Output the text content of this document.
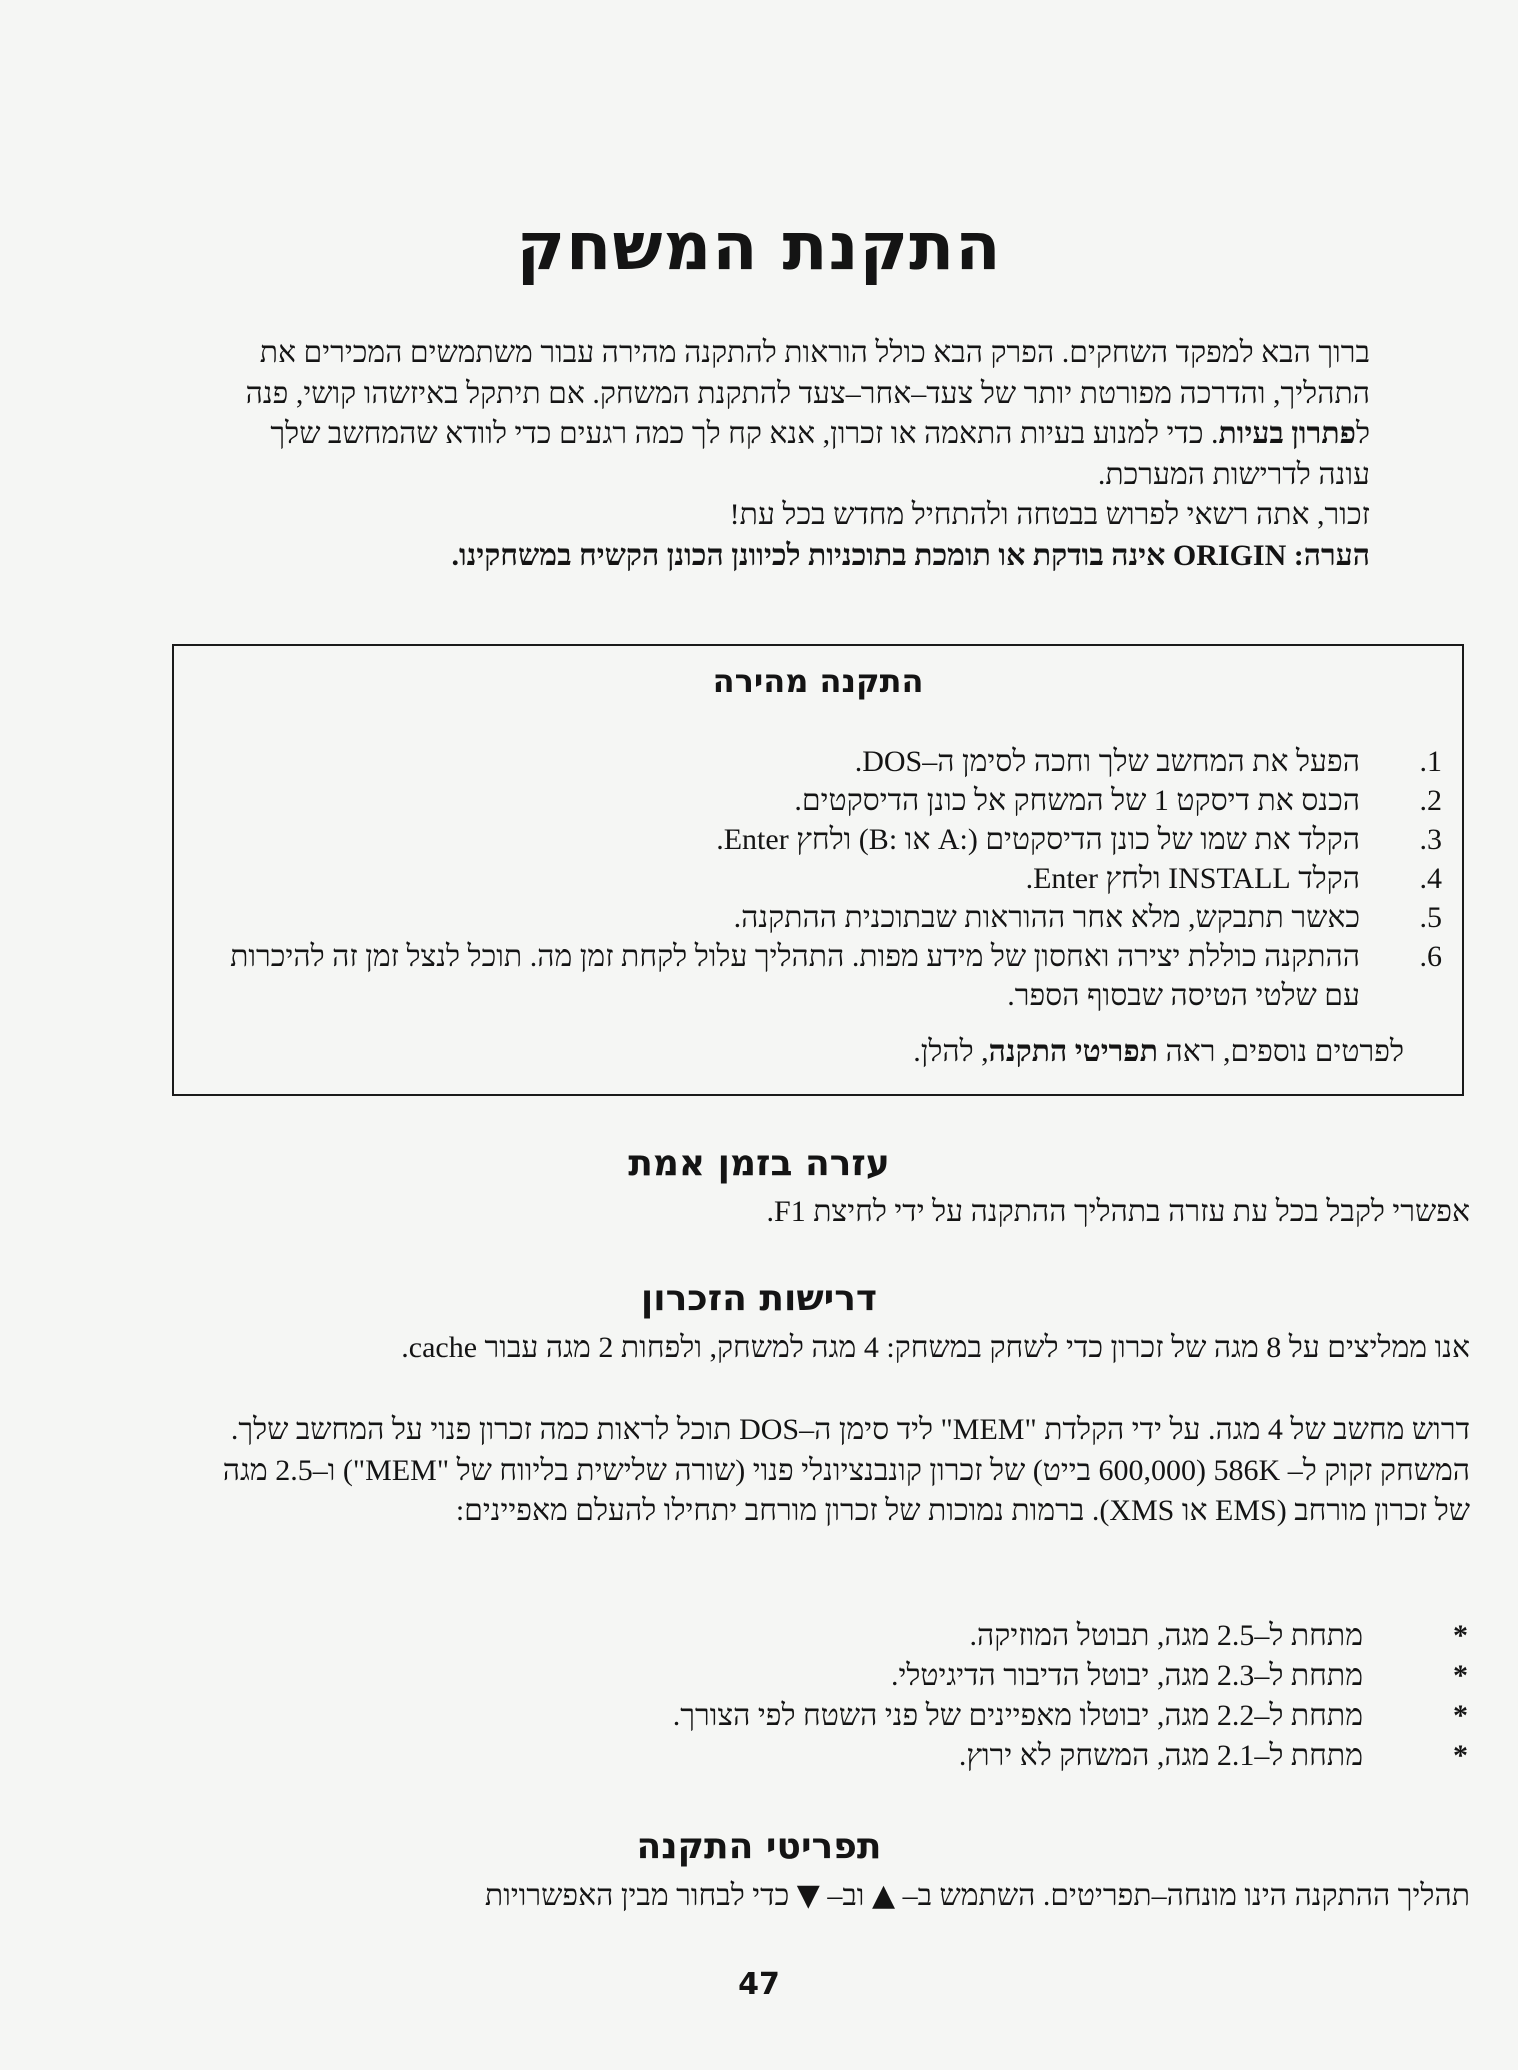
התקנת המשחק

ברוך הבא למפקד השחקים. הפרק הבא כולל הוראות להתקנה מהירה עבור משתמשים המכירים את התהליך, והדרכה מפורטת יותר של צעד–אחר–צעד להתקנת המשחק. אם תיתקל באיזשהו קושי, פנה לפתרון בעיות. כדי למנוע בעיות התאמה או זכרון, אנא קח לך כמה רגעים כדי לוודא שהמחשב שלך עונה לדרישות המערכת.

זכור, אתה רשאי לפרוש בבטחה ולהתחיל מחדש בכל עת!

הערה: ORIGIN אינה בודקת או תומכת בתוכניות לכיוונן הכונן הקשיח במשחקינו.

התקנה מהירה
1.
הפעל את המחשב שלך וחכה לסימן ה–DOS.
2.
הכנס את דיסקט 1 של המשחק אל כונן הדיסקטים.
3.
הקלד את שמו של כונן הדיסקטים (:A או :B) ולחץ Enter.
4.
הקלד INSTALL ולחץ Enter.
5.
כאשר תתבקש, מלא אחר ההוראות שבתוכנית ההתקנה.
6.
ההתקנה כוללת יצירה ואחסון של מידע מפות. התהליך עלול לקחת זמן מה. תוכל לנצל זמן זה להיכרות עם שלטי הטיסה שבסוף הספר.

לפרטים נוספים, ראה תפריטי התקנה, להלן.

עזרה בזמן אמת

אפשרי לקבל בכל עת עזרה בתהליך ההתקנה על ידי לחיצת F1.

דרישות הזכרון

אנו ממליצים על 8 מגה של זכרון כדי לשחק במשחק: 4 מגה למשחק, ולפחות 2 מגה עבור cache.

דרוש מחשב של 4 מגה. על ידי הקלדת "MEM" ליד סימן ה–DOS תוכל לראות כמה זכרון פנוי על המחשב שלך. המשחק זקוק ל– 586K (600,000 בייט) של זכרון קונבנציונלי פנוי (שורה שלישית בליווח של "MEM") ו–2.5 מגה של זכרון מורחב (EMS או XMS). ברמות נמוכות של זכרון מורחב יתחילו להעלם מאפיינים:

*
מתחת ל–2.5 מגה, תבוטל המוזיקה.
*
מתחת ל–2.3 מגה, יבוטל הדיבור הדיגיטלי.
*
מתחת ל–2.2 מגה, יבוטלו מאפיינים של פני השטח לפי הצורך.
*
מתחת ל–2.1 מגה, המשחק לא ירוץ.
תפריטי התקנה

תהליך ההתקנה הינו מונחה–תפריטים. השתמש ב– ▲ וב– ▼ כדי לבחור מבין האפשרויות

47
